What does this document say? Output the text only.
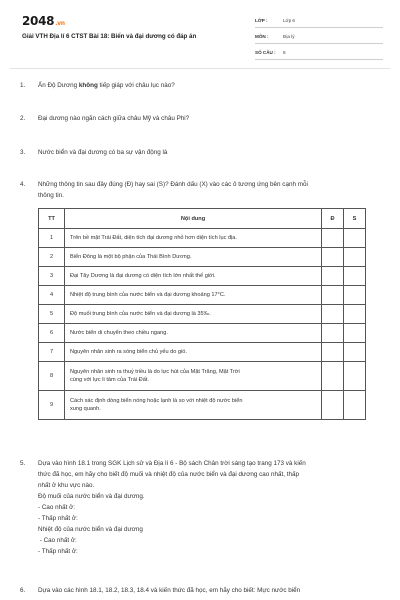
2048.vn
Giải VTH Địa lí 6 CTST Bài 18: Biển và đại dương có đáp án
LỚP :	Lớp 6
MÔN :	Địa lý
SỐ CÂU :	8
1. Ấn Độ Dương không tiếp giáp với châu lục nào?
2. Đại dương nào ngăn cách giữa châu Mỹ và châu Phi?
3. Nước biển và đại dương có ba sự vận động là
4. Những thông tin sau đây đúng (Đ) hay sai (S)? Đánh dấu (X) vào các ô tương ứng bên cạnh mỗi
thông tin.
TT	Nội dung	Đ	S
1	Trên bề mặt Trái Đất, diện tích đại dương nhỏ hơn diện tích lục địa.		
2	Biển Đông là một bộ phận của Thái Bình Dương.		
3	Đại Tây Dương là đại dương có diện tích lớn nhất thế giới.		
4	Nhiệt độ trung bình của nước biển và đại dương khoảng 17°C.		
5	Độ muối trung bình của nước biển và đại dương là 35‰.		
6	Nước biển di chuyển theo chiều ngang.		
7	Nguyên nhân sinh ra sóng biển chủ yếu do gió.		
8	Nguyên nhân sinh ra thuỷ triều là do lực hút của Mặt Trăng, Mặt Trời
cùng với lực li tâm của Trái Đất.		

9	Cách xác định dòng biển nóng hoặc lạnh là so với nhiệt độ nước biển
xung quanh.		

5. Dựa vào hình 18.1 trong SGK Lịch sử và Địa lí 6 - Bộ sách Chân trời sáng tạo trang 173 và kiến
thức đã học, em hãy cho biết độ muối và nhiệt độ của nước biển và đại dương cao nhất, thấp
nhất ở khu vực nào.
Độ muối của nước biển và đại dương.
- Cao nhất ở:
- Thấp nhất ở:
Nhiệt độ của nước biển và đại dương
- Cao nhất ở:
- Thấp nhất ở:
6. Dựa vào các hình 18.1, 18.2, 18.3, 18.4 và kiến thức đã học, em hãy cho biết: Mực nước biển
